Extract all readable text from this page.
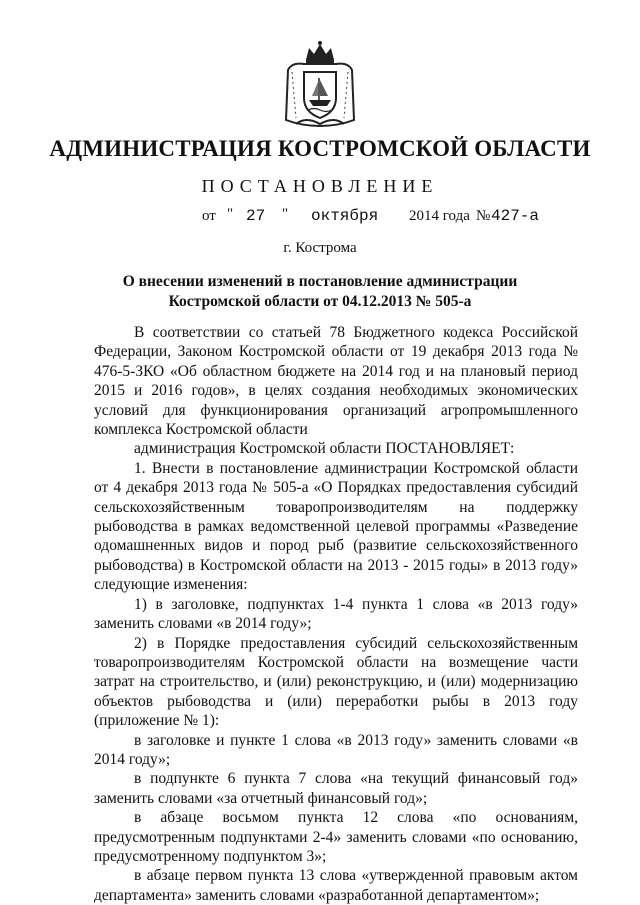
АДМИНИСТРАЦИЯ КОСТРОМСКОЙ ОБЛАСТИ
ПОСТАНОВЛЕНИЕ
от " 27 " октября 2014 года № 427-а
г. Кострома
О внесении изменений в постановление администрации
Костромской области от 04.12.2013 № 505-а

В соответствии со статьей 78 Бюджетного кодекса Российской Федерации, Законом Костромской области от 19 декабря 2013 года № 476-5-ЗКО «Об областном бюджете на 2014 год и на плановый период 2015 и 2016 годов», в целях создания необходимых экономических условий для функционирования организаций агропромышленного комплекса Костромской области

администрация Костромской области ПОСТАНОВЛЯЕТ:

1. Внести в постановление администрации Костромской области от 4 декабря 2013 года № 505-а «О Порядках предоставления субсидий сельскохозяйственным товаропроизводителям на поддержку рыбоводства в рамках ведомственной целевой программы «Разведение одомашненных видов и пород рыб (развитие сельскохозяйственного рыбоводства) в Костромской области на 2013 - 2015 годы» в 2013 году» следующие изменения:

1) в заголовке, подпунктах 1-4 пункта 1 слова «в 2013 году» заменить словами «в 2014 году»;

2) в Порядке предоставления субсидий сельскохозяйственным товаропроизводителям Костромской области на возмещение части затрат на строительство, и (или) реконструкцию, и (или) модернизацию объектов рыбоводства и (или) переработки рыбы в 2013 году (приложение № 1):

в заголовке и пункте 1 слова «в 2013 году» заменить словами «в 2014 году»;

в подпункте 6 пункта 7 слова «на текущий финансовый год» заменить словами «за отчетный финансовый год»;

в абзаце восьмом пункта 12 слова «по основаниям, предусмотренным подпунктами 2-4» заменить словами «по основанию, предусмотренному подпунктом 3»;

в абзаце первом пункта 13 слова «утвержденной правовым актом департамента» заменить словами «разработанной департаментом»;
